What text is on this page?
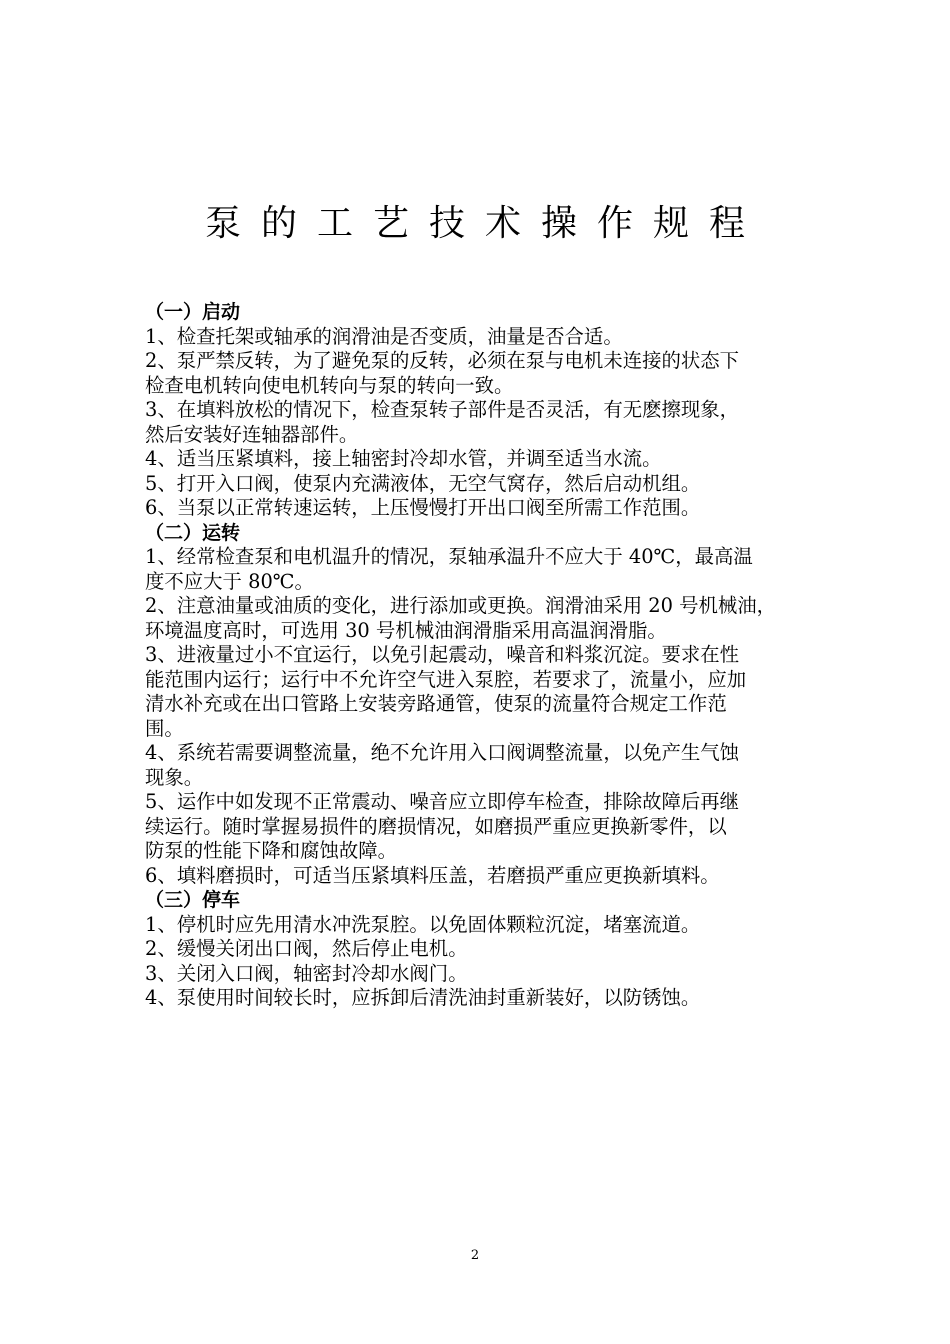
泵的工艺技术操作规程
（一）启动
1、检查托架或轴承的润滑油是否变质，油量是否合适。
2、泵严禁反转，为了避免泵的反转，必须在泵与电机未连接的状态下
检查电机转向使电机转向与泵的转向一致。
3、在填料放松的情况下，检查泵转子部件是否灵活，有无麽擦现象，
然后安装好连轴器部件。
4、适当压紧填料，接上轴密封冷却水管，并调至适当水流。
5、打开入口阀，使泵内充满液体，无空气窝存，然后启动机组。
6、当泵以正常转速运转，上压慢慢打开出口阀至所需工作范围。
（二）运转
1、经常检查泵和电机温升的情况，泵轴承温升不应大于 40℃，最高温
度不应大于 80℃。
2、注意油量或油质的变化，进行添加或更换。润滑油采用 20 号机械油，
环境温度高时，可选用 30 号机械油润滑脂采用高温润滑脂。
3、进液量过小不宜运行，以免引起震动，噪音和料浆沉淀。要求在性
能范围内运行；运行中不允许空气进入泵腔，若要求了，流量小，应加
清水补充或在出口管路上安装旁路通管，使泵的流量符合规定工作范
围。
4、系统若需要调整流量，绝不允许用入口阀调整流量，以免产生气蚀
现象。
5、运作中如发现不正常震动、噪音应立即停车检查，排除故障后再继
续运行。随时掌握易损件的磨损情况，如磨损严重应更换新零件，以
防泵的性能下降和腐蚀故障。
6、填料磨损时，可适当压紧填料压盖，若磨损严重应更换新填料。
（三）停车
1、停机时应先用清水冲洗泵腔。以免固体颗粒沉淀，堵塞流道。
2、缓慢关闭出口阀，然后停止电机。
3、关闭入口阀，轴密封冷却水阀门。
4、泵使用时间较长时，应拆卸后清洗油封重新装好，以防锈蚀。
2
